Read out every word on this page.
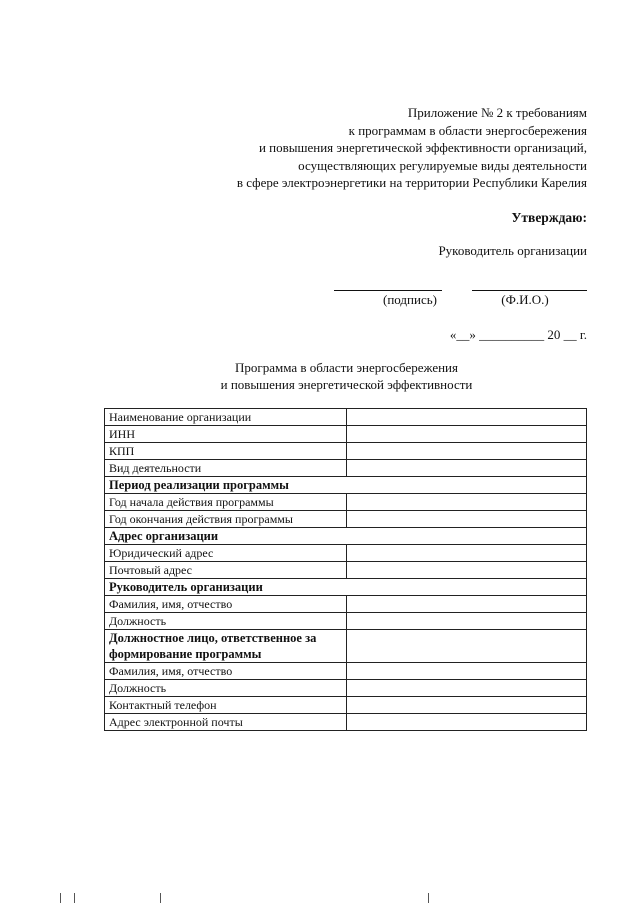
Приложение № 2 к требованиям
к программам в области энергосбережения
и повышения энергетической эффективности организаций,
осуществляющих регулируемые виды деятельности
в сфере электроэнергетики на территории Республики Карелия
Утверждаю:
Руководитель организации
(подпись)	(Ф.И.О.)
«__» __________ 20 __ г.
Программа в области энергосбережения
и повышения энергетической эффективности
Наименование организации	
ИНН	
КПП	
Вид деятельности	
Период реализации программы	
Год начала действия программы	
Год окончания действия программы	
Адрес организации	
Юридический адрес	
Почтовый адрес	
Руководитель организации	
Фамилия, имя, отчество	
Должность	
Должностное лицо, ответственное за формирование программы	
Фамилия, имя, отчество	
Должность	
Контактный телефон	
Адрес электронной почты	
